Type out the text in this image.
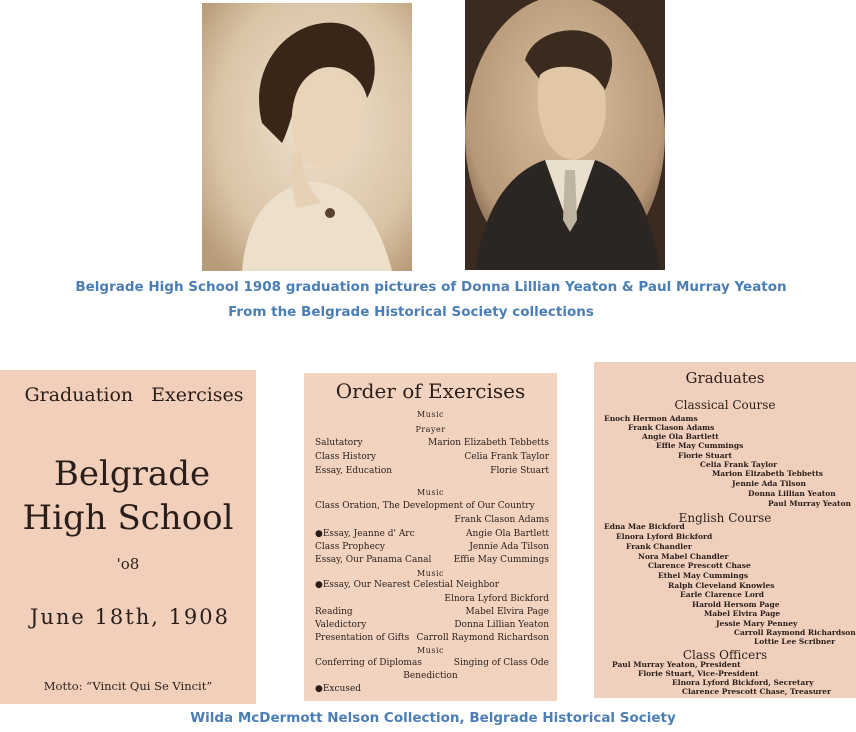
Belgrade High School 1908 graduation pictures of Donna Lillian Yeaton & Paul Murray Yeaton
From the Belgrade Historical Society collections
Graduation Exercises
Belgrade
High School
'o8
June 18th, 1908
Motto: “Vincit Qui Se Vincit”
Order of Exercises
Music
Prayer
Salutatory	Marion Elizabeth Tebbetts
Class History	Celia Frank Taylor
Essay, Education	Florie Stuart
Music
Class Oration, The Development of Our Country
Frank Clason Adams
●Essay, Jeanne d' Arc	Angie Ola Bartlett
Class Prophecy	Jennie Ada Tilson
Essay, Our Panama Canal Effie May Cummings
Music
●Essay, Our Nearest Celestial Neighbor
Elnora Lyford Bickford
Reading	Mabel Elvira Page
Valedictory	Donna Lillian Yeaton
Presentation of Gifts Carroll Raymond Richardson
Music
Conferring of Diplomas	Singing of Class Ode
Benediction
●Excused
Graduates
Classical Course
Enoch Hermon Adams
Frank Clason Adams
Angie Ola Bartlett
Effie May Cummings
Florie Stuart
Celia Frank Taylor
Marion Elizabeth Tebbetts
Jennie Ada Tilson
Donna Lillian Yeaton
Paul Murray Yeaton
English Course
Edna Mae Bickford
Elnora Lyford Bickford
Frank Chandler
Nora Mabel Chandler
Clarence Prescott Chase
Ethel May Cummings
Ralph Cleveland Knowles
Earle Clarence Lord
Harold Hersom Page
Mabel Elvira Page
Jessie Mary Penney
Carroll Raymond Richardson
Lottie Lee Scribner
Class Officers
Paul Murray Yeaton, President
Florie Stuart, Vice-President
Elnora Lyford Bickford, Secretary
Clarence Prescott Chase, Treasurer
Wilda McDermott Nelson Collection, Belgrade Historical Society
